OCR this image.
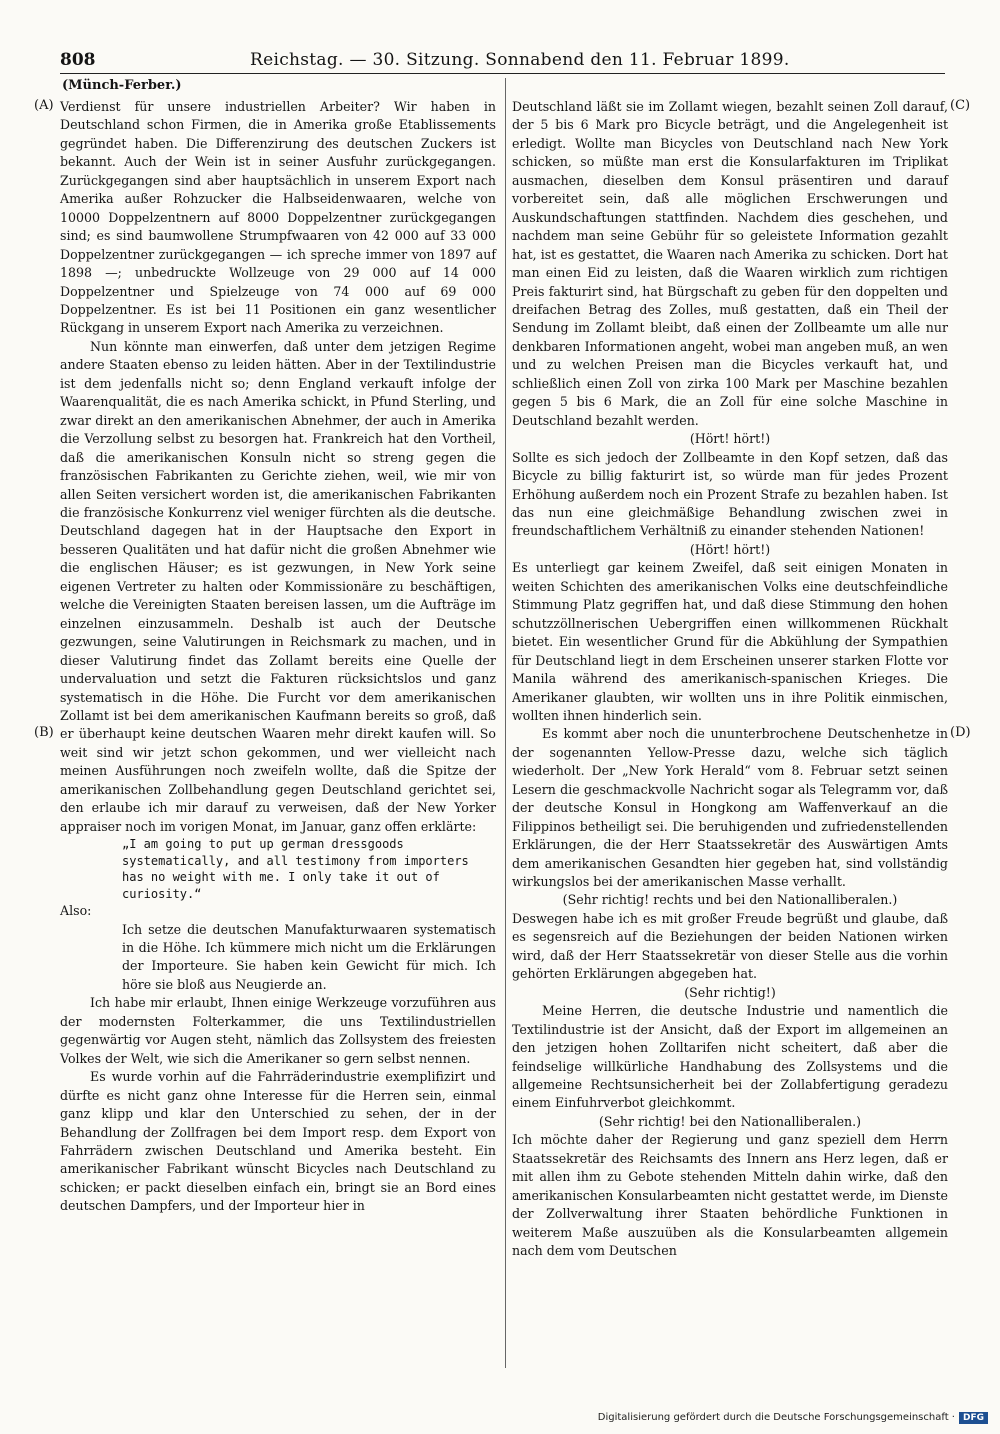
808	Reichstag. — 30. Sitzung. Sonnabend den 11. Februar 1899.
(Münch-Ferber.)
(A)
(B)
(C)
(D)

Verdienst für unsere industriellen Arbeiter? Wir haben in Deutschland schon Firmen, die in Amerika große Etablissements gegründet haben. Die Differenzirung des deutschen Zuckers ist bekannt. Auch der Wein ist in seiner Ausfuhr zurückgegangen. Zurückgegangen sind aber hauptsächlich in unserem Export nach Amerika außer Rohzucker die Halbseidenwaaren, welche von 10000 Doppelzentnern auf 8000 Doppelzentner zurückgegangen sind; es sind baumwollene Strumpfwaaren von 42 000 auf 33 000 Doppelzentner zurückgegangen — ich spreche immer von 1897 auf 1898 —; unbedruckte Wollzeuge von 29 000 auf 14 000 Doppelzentner und Spielzeuge von 74 000 auf 69 000 Doppelzentner. Es ist bei 11 Positionen ein ganz wesentlicher Rückgang in unserem Export nach Amerika zu verzeichnen.

Nun könnte man einwerfen, daß unter dem jetzigen Regime andere Staaten ebenso zu leiden hätten. Aber in der Textilindustrie ist dem jedenfalls nicht so; denn England verkauft infolge der Waarenqualität, die es nach Amerika schickt, in Pfund Sterling, und zwar direkt an den amerikanischen Abnehmer, der auch in Amerika die Verzollung selbst zu besorgen hat. Frankreich hat den Vortheil, daß die amerikanischen Konsuln nicht so streng gegen die französischen Fabrikanten zu Gerichte ziehen, weil, wie mir von allen Seiten versichert worden ist, die amerikanischen Fabrikanten die französische Konkurrenz viel weniger fürchten als die deutsche. Deutschland dagegen hat in der Hauptsache den Export in besseren Qualitäten und hat dafür nicht die großen Abnehmer wie die englischen Häuser; es ist gezwungen, in New York seine eigenen Vertreter zu halten oder Kommissionäre zu beschäftigen, welche die Vereinigten Staaten bereisen lassen, um die Aufträge im einzelnen einzusammeln. Deshalb ist auch der Deutsche gezwungen, seine Valutirungen in Reichsmark zu machen, und in dieser Valutirung findet das Zollamt bereits eine Quelle der undervaluation und setzt die Fakturen rücksichtslos und ganz systematisch in die Höhe. Die Furcht vor dem amerikanischen Zollamt ist bei dem amerikanischen Kaufmann bereits so groß, daß er überhaupt keine deutschen Waaren mehr direkt kaufen will. So weit sind wir jetzt schon gekommen, und wer vielleicht nach meinen Ausführungen noch zweifeln wollte, daß die Spitze der amerikanischen Zollbehandlung gegen Deutschland gerichtet sei, den erlaube ich mir darauf zu verweisen, daß der New Yorker appraiser noch im vorigen Monat, im Januar, ganz offen erklärte:

„I am going to put up german dressgoods systematically, and all testimony from importers has no weight with me. I only take it out of curiosity.“

Also:

Ich setze die deutschen Manufakturwaaren systematisch in die Höhe. Ich kümmere mich nicht um die Erklärungen der Importeure. Sie haben kein Gewicht für mich. Ich höre sie bloß aus Neugierde an.

Ich habe mir erlaubt, Ihnen einige Werkzeuge vorzuführen aus der modernsten Folterkammer, die uns Textilindustriellen gegenwärtig vor Augen steht, nämlich das Zollsystem des freiesten Volkes der Welt, wie sich die Amerikaner so gern selbst nennen.

Es wurde vorhin auf die Fahrräderindustrie exemplifizirt und dürfte es nicht ganz ohne Interesse für die Herren sein, einmal ganz klipp und klar den Unterschied zu sehen, der in der Behandlung der Zollfragen bei dem Import resp. dem Export von Fahrrädern zwischen Deutschland und Amerika besteht. Ein amerikanischer Fabrikant wünscht Bicycles nach Deutschland zu schicken; er packt dieselben einfach ein, bringt sie an Bord eines deutschen Dampfers, und der Importeur hier in

Deutschland läßt sie im Zollamt wiegen, bezahlt seinen Zoll darauf, der 5 bis 6 Mark pro Bicycle beträgt, und die Angelegenheit ist erledigt. Wollte man Bicycles von Deutschland nach New York schicken, so müßte man erst die Konsularfakturen im Triplikat ausmachen, dieselben dem Konsul präsentiren und darauf vorbereitet sein, daß alle möglichen Erschwerungen und Auskundschaftungen stattfinden. Nachdem dies geschehen, und nachdem man seine Gebühr für so geleistete Information gezahlt hat, ist es gestattet, die Waaren nach Amerika zu schicken. Dort hat man einen Eid zu leisten, daß die Waaren wirklich zum richtigen Preis fakturirt sind, hat Bürgschaft zu geben für den doppelten und dreifachen Betrag des Zolles, muß gestatten, daß ein Theil der Sendung im Zollamt bleibt, daß einen der Zollbeamte um alle nur denkbaren Informationen angeht, wobei man angeben muß, an wen und zu welchen Preisen man die Bicycles verkauft hat, und schließlich einen Zoll von zirka 100 Mark per Maschine bezahlen gegen 5 bis 6 Mark, die an Zoll für eine solche Maschine in Deutschland bezahlt werden.

(Hört! hört!)

Sollte es sich jedoch der Zollbeamte in den Kopf setzen, daß das Bicycle zu billig fakturirt ist, so würde man für jedes Prozent Erhöhung außerdem noch ein Prozent Strafe zu bezahlen haben. Ist das nun eine gleichmäßige Behandlung zwischen zwei in freundschaftlichem Verhältniß zu einander stehenden Nationen!

(Hört! hört!)

Es unterliegt gar keinem Zweifel, daß seit einigen Monaten in weiten Schichten des amerikanischen Volks eine deutschfeindliche Stimmung Platz gegriffen hat, und daß diese Stimmung den hohen schutzzöllnerischen Uebergriffen einen willkommenen Rückhalt bietet. Ein wesentlicher Grund für die Abkühlung der Sympathien für Deutschland liegt in dem Erscheinen unserer starken Flotte vor Manila während des amerikanisch-spanischen Krieges. Die Amerikaner glaubten, wir wollten uns in ihre Politik einmischen, wollten ihnen hinderlich sein.

Es kommt aber noch die ununterbrochene Deutschenhetze in der sogenannten Yellow-Presse dazu, welche sich täglich wiederholt. Der „New York Herald“ vom 8. Februar setzt seinen Lesern die geschmackvolle Nachricht sogar als Telegramm vor, daß der deutsche Konsul in Hongkong am Waffenverkauf an die Filippinos betheiligt sei. Die beruhigenden und zufriedenstellenden Erklärungen, die der Herr Staatssekretär des Auswärtigen Amts dem amerikanischen Gesandten hier gegeben hat, sind vollständig wirkungslos bei der amerikanischen Masse verhallt.

(Sehr richtig! rechts und bei den Nationalliberalen.)

Deswegen habe ich es mit großer Freude begrüßt und glaube, daß es segensreich auf die Beziehungen der beiden Nationen wirken wird, daß der Herr Staatssekretär von dieser Stelle aus die vorhin gehörten Erklärungen abgegeben hat.

(Sehr richtig!)

Meine Herren, die deutsche Industrie und namentlich die Textilindustrie ist der Ansicht, daß der Export im allgemeinen an den jetzigen hohen Zolltarifen nicht scheitert, daß aber die feindselige willkürliche Handhabung des Zollsystems und die allgemeine Rechtsunsicherheit bei der Zollabfertigung geradezu einem Einfuhrverbot gleichkommt.

(Sehr richtig! bei den Nationalliberalen.)

Ich möchte daher der Regierung und ganz speziell dem Herrn Staatssekretär des Reichsamts des Innern ans Herz legen, daß er mit allen ihm zu Gebote stehenden Mitteln dahin wirke, daß den amerikanischen Konsularbeamten nicht gestattet werde, im Dienste der Zollverwaltung ihrer Staaten behördliche Funktionen in weiterem Maße auszuüben als die Konsularbeamten allgemein nach dem vom Deutschen

Digitalisierung gefördert durch die Deutsche Forschungsgemeinschaft · DFG
